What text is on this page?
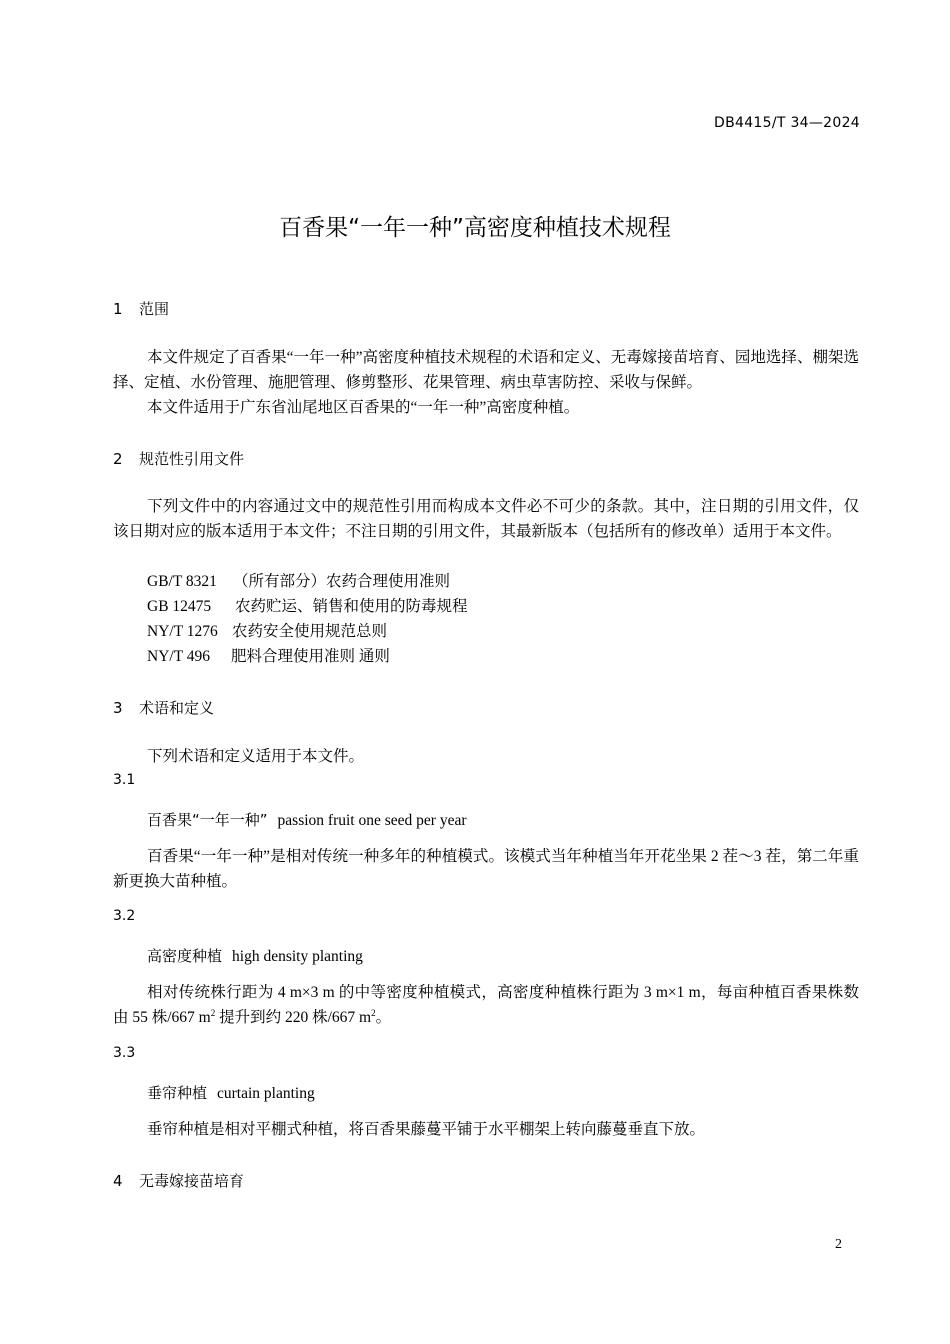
DB4415/T 34—2024
百香果“一年一种”高密度种植技术规程
1 范围
本文件规定了百香果“一年一种”高密度种植技术规程的术语和定义、无毒嫁接苗培育、园地选择、棚架选择、定植、水份管理、施肥管理、修剪整形、花果管理、病虫草害防控、采收与保鲜。
本文件适用于广东省汕尾地区百香果的“一年一种”高密度种植。
2 规范性引用文件
下列文件中的内容通过文中的规范性引用而构成本文件必不可少的条款。其中，注日期的引用文件，仅该日期对应的版本适用于本文件；不注日期的引用文件，其最新版本（包括所有的修改单）适用于本文件。
GB/T 8321 （所有部分）农药合理使用准则
GB 12475 农药贮运、销售和使用的防毒规程
NY/T 1276 农药安全使用规范总则
NY/T 496 肥料合理使用准则 通则
3 术语和定义
下列术语和定义适用于本文件。
3.1
百香果“一年一种” passion fruit one seed per year
百香果“一年一种”是相对传统一种多年的种植模式。该模式当年种植当年开花坐果 2 茬～3 茬，第二年重新更换大苗种植。
3.2
高密度种植 high density planting
相对传统株行距为 4 m×3 m 的中等密度种植模式，高密度种植株行距为 3 m×1 m，每亩种植百香果株数由 55 株/667 $m^2$ 提升到约 220 株/667 $m^2$。
3.3
垂帘种植 curtain planting
垂帘种植是相对平棚式种植，将百香果藤蔓平铺于水平棚架上转向藤蔓垂直下放。
4 无毒嫁接苗培育
2
